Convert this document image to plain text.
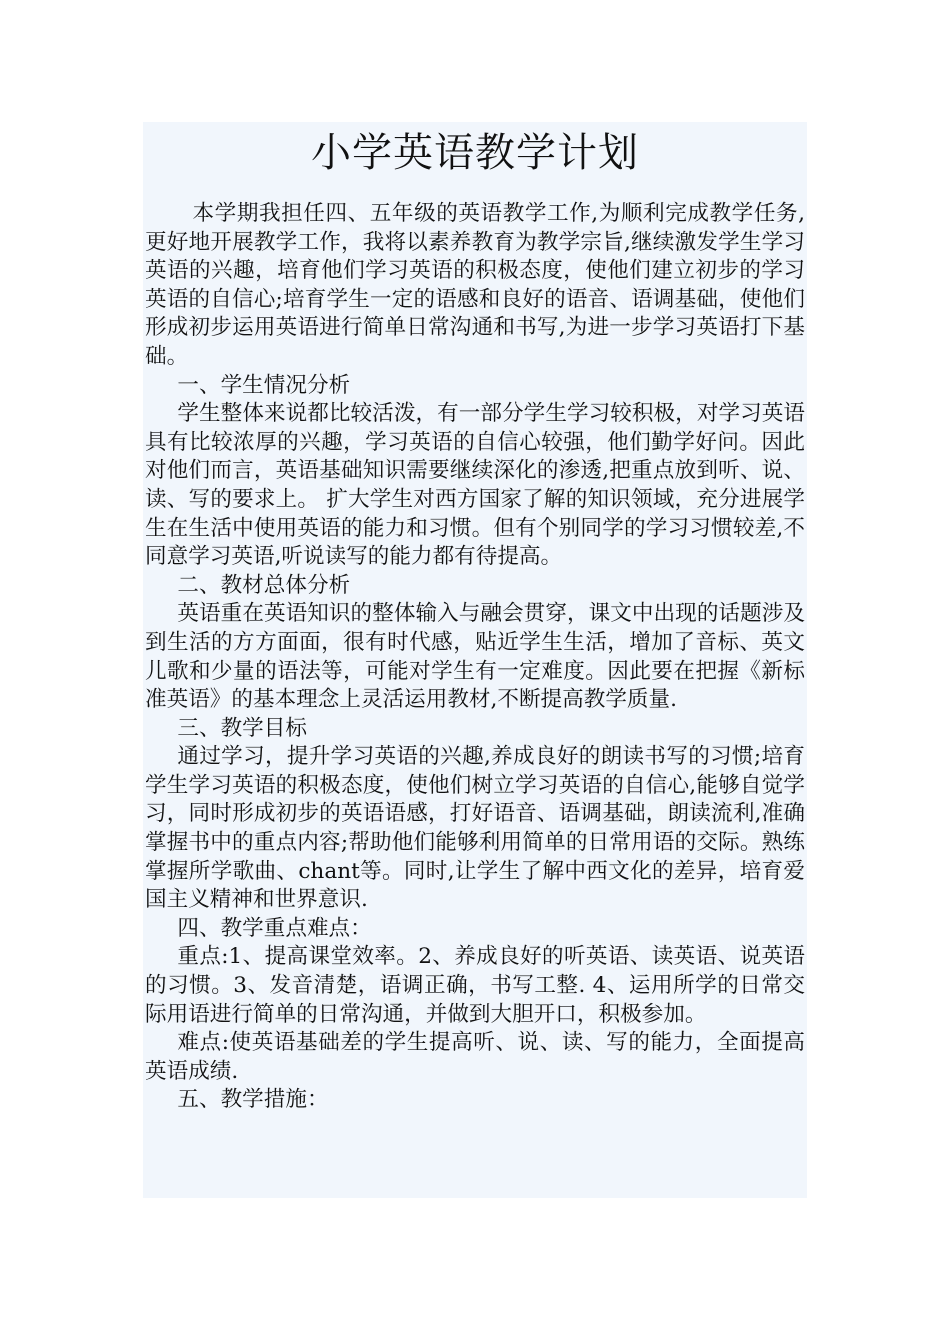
小学英语教学计划

本学期我担任四、五年级的英语教学工作,为顺利完成教学任务,更好地开展教学工作，我将以素养教育为教学宗旨,继续激发学生学习英语的兴趣，培育他们学习英语的积极态度，使他们建立初步的学习英语的自信心;培育学生一定的语感和良好的语音、语调基础，使他们形成初步运用英语进行简单日常沟通和书写,为进一步学习英语打下基础。

一、学生情况分析

学生整体来说都比较活泼，有一部分学生学习较积极，对学习英语具有比较浓厚的兴趣，学习英语的自信心较强，他们勤学好问。因此对他们而言，英语基础知识需要继续深化的渗透,把重点放到听、说、读、写的要求上。 扩大学生对西方国家了解的知识领域，充分进展学生在生活中使用英语的能力和习惯。但有个别同学的学习习惯较差,不同意学习英语,听说读写的能力都有待提高。

二、教材总体分析

英语重在英语知识的整体输入与融会贯穿，课文中出现的话题涉及到生活的方方面面，很有时代感，贴近学生生活，增加了音标、英文儿歌和少量的语法等，可能对学生有一定难度。因此要在把握《新标准英语》的基本理念上灵活运用教材,不断提高教学质量.

三、教学目标

通过学习，提升学习英语的兴趣,养成良好的朗读书写的习惯;培育学生学习英语的积极态度，使他们树立学习英语的自信心,能够自觉学习，同时形成初步的英语语感，打好语音、语调基础，朗读流利,准确掌握书中的重点内容;帮助他们能够利用简单的日常用语的交际。熟练掌握所学歌曲、chant等。同时,让学生了解中西文化的差异，培育爱国主义精神和世界意识.

四、教学重点难点：

重点:1、提高课堂效率。2、养成良好的听英语、读英语、说英语的习惯。3、发音清楚，语调正确，书写工整. 4、运用所学的日常交际用语进行简单的日常沟通，并做到大胆开口，积极参加。

难点:使英语基础差的学生提高听、说、读、写的能力，全面提高英语成绩.

五、教学措施：
